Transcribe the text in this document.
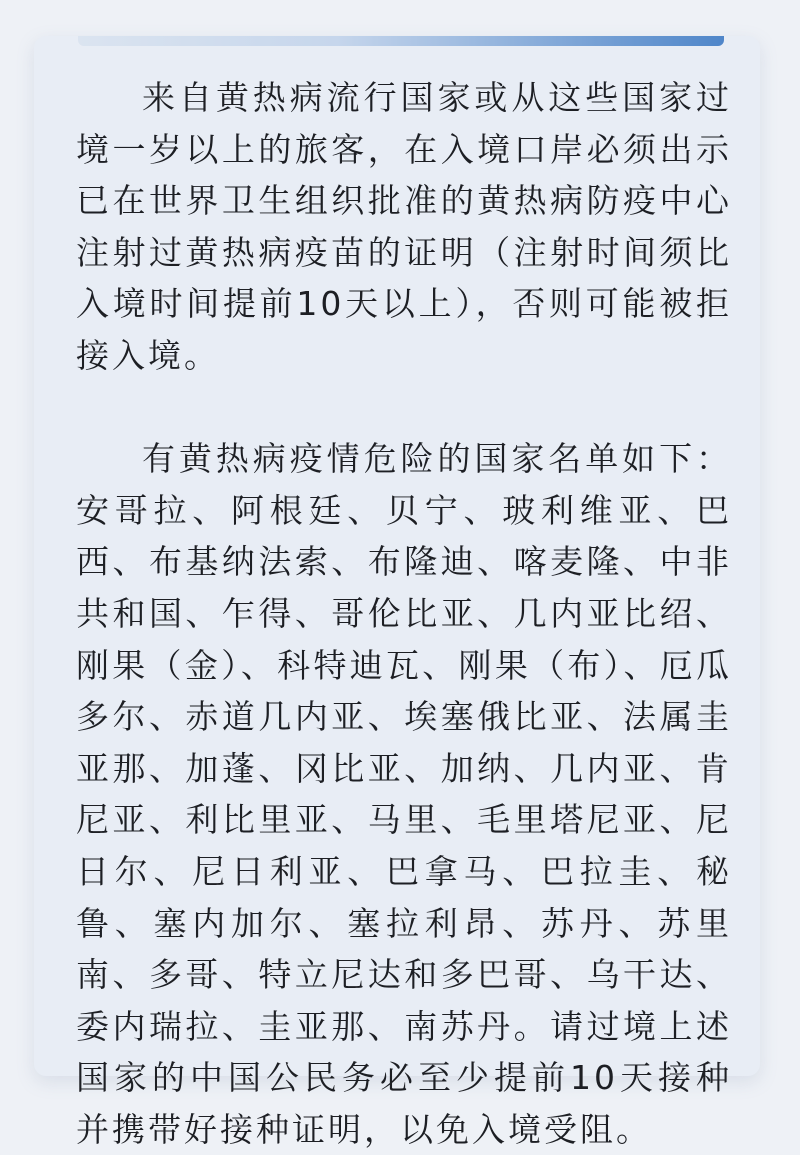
来自黄热病流行国家或从这些国家过境一岁以上的旅客，在入境口岸必须出示已在世界卫生组织批准的黄热病防疫中心注射过黄热病疫苗的证明（注射时间须比入境时间提前10天以上），否则可能被拒接入境。

有黄热病疫情危险的国家名单如下：安哥拉、阿根廷、贝宁、玻利维亚、巴西、布基纳法索、布隆迪、喀麦隆、中非共和国、乍得、哥伦比亚、几内亚比绍、刚果（金）、科特迪瓦、刚果（布）、厄瓜多尔、赤道几内亚、埃塞俄比亚、法属圭亚那、加蓬、冈比亚、加纳、几内亚、肯尼亚、利比里亚、马里、毛里塔尼亚、尼日尔、尼日利亚、巴拿马、巴拉圭、秘鲁、塞内加尔、塞拉利昂、苏丹、苏里南、多哥、特立尼达和多巴哥、乌干达、委内瑞拉、圭亚那、南苏丹。请过境上述国家的中国公民务必至少提前10天接种并携带好接种证明，以免入境受阻。
